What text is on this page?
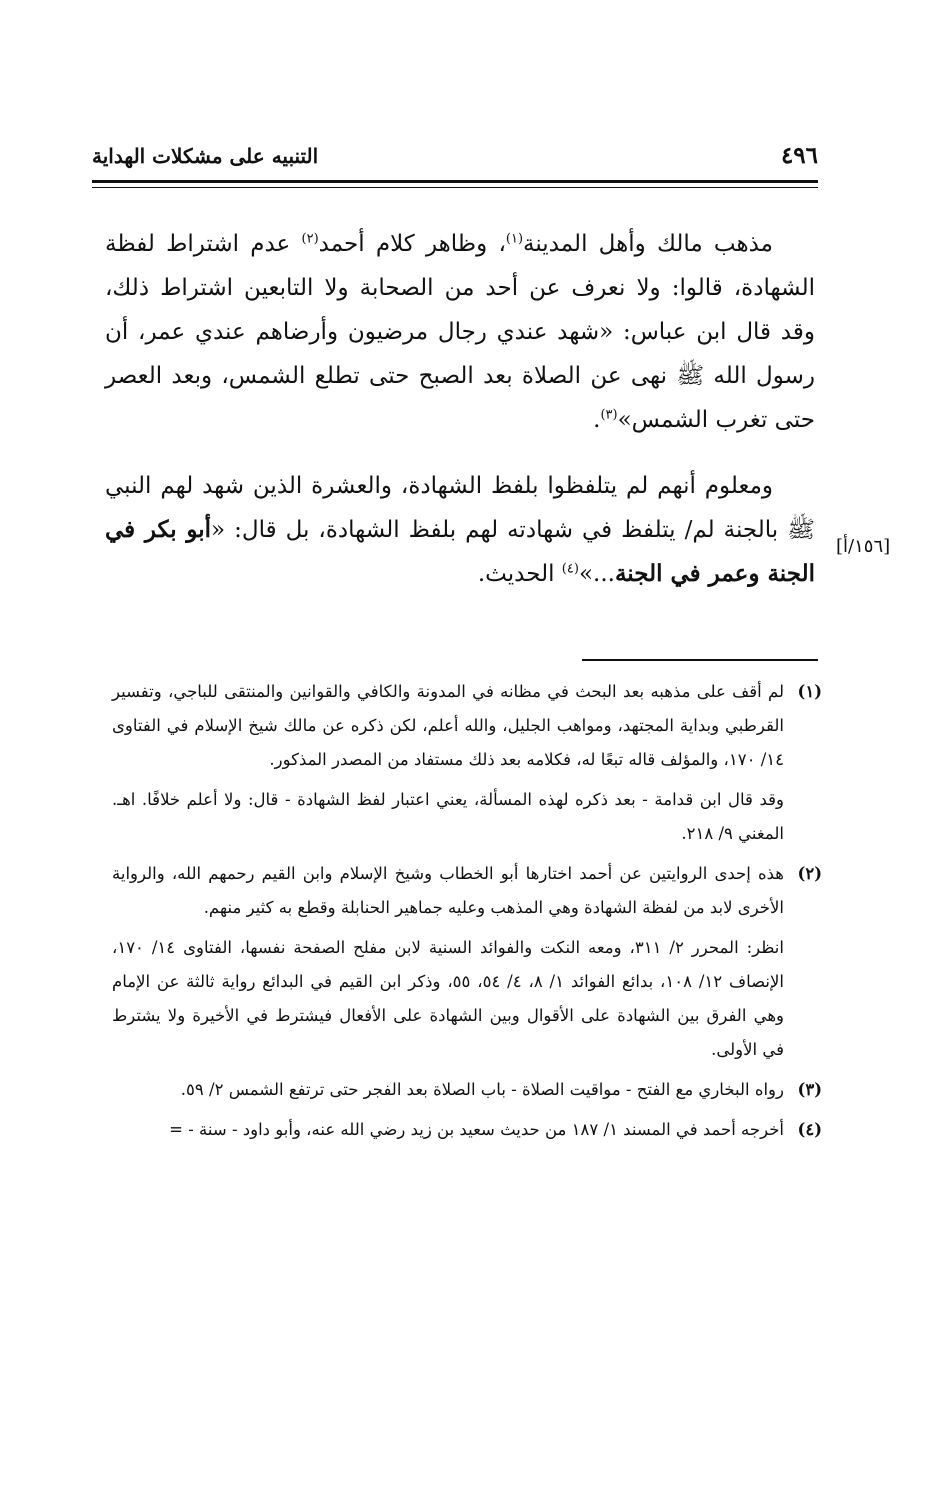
٤٩٦
التنبيه على مشكلات الهداية

مذهب مالك وأهل المدينة$^{(١)}$، وظاهر كلام أحمد$^{(٢)}$ عدم اشتراط لفظة الشهادة، قالوا: ولا نعرف عن أحد من الصحابة ولا التابعين اشتراط ذلك، وقد قال ابن عباس: «شهد عندي رجال مرضيون وأرضاهم عندي عمر، أن رسول الله ﷺ نهى عن الصلاة بعد الصبح حتى تطلع الشمس، وبعد العصر حتى تغرب الشمس»$^{(٣)}$.

ومعلوم أنهم لم يتلفظوا بلفظ الشهادة، والعشرة الذين شهد لهم النبي ﷺ بالجنة لم/ يتلفظ في شهادته لهم بلفظ الشهادة، بل قال: «أبو بكر في الجنة وعمر في الجنة...»$^{(٤)}$ الحديث.

[١٥٦/أ]
(١)

لم أقف على مذهبه بعد البحث في مظانه في المدونة والكافي والقوانين والمنتقى للباجي، وتفسير القرطبي وبداية المجتهد، ومواهب الجليل، والله أعلم، لكن ذكره عن مالك شيخ الإسلام في الفتاوى ١٤/ ١٧٠، والمؤلف قاله تبعًا له، فكلامه بعد ذلك مستفاد من المصدر المذكور.

وقد قال ابن قدامة - بعد ذكره لهذه المسألة، يعني اعتبار لفظ الشهادة - قال: ولا أعلم خلافًا. اهـ. المغني ٩/ ٢١٨.

(٢)

هذه إحدى الروايتين عن أحمد اختارها أبو الخطاب وشيخ الإسلام وابن القيم رحمهم الله، والرواية الأخرى لابد من لفظة الشهادة وهي المذهب وعليه جماهير الحنابلة وقطع به كثير منهم.

انظر: المحرر ٢/ ٣١١، ومعه النكت والفوائد السنية لابن مفلح الصفحة نفسها، الفتاوى ١٤/ ١٧٠، الإنصاف ١٢/ ١٠٨، بدائع الفوائد ١/ ٨، ٤/ ٥٤، ٥٥، وذكر ابن القيم في البدائع رواية ثالثة عن الإمام وهي الفرق بين الشهادة على الأقوال وبين الشهادة على الأفعال فيشترط في الأخيرة ولا يشترط في الأولى.

(٣)

رواه البخاري مع الفتح - مواقيت الصلاة - باب الصلاة بعد الفجر حتى ترتفع الشمس ٢/ ٥٩.

(٤)

أخرجه أحمد في المسند ١/ ١٨٧ من حديث سعيد بن زيد رضي الله عنه، وأبو داود - سنة - =
